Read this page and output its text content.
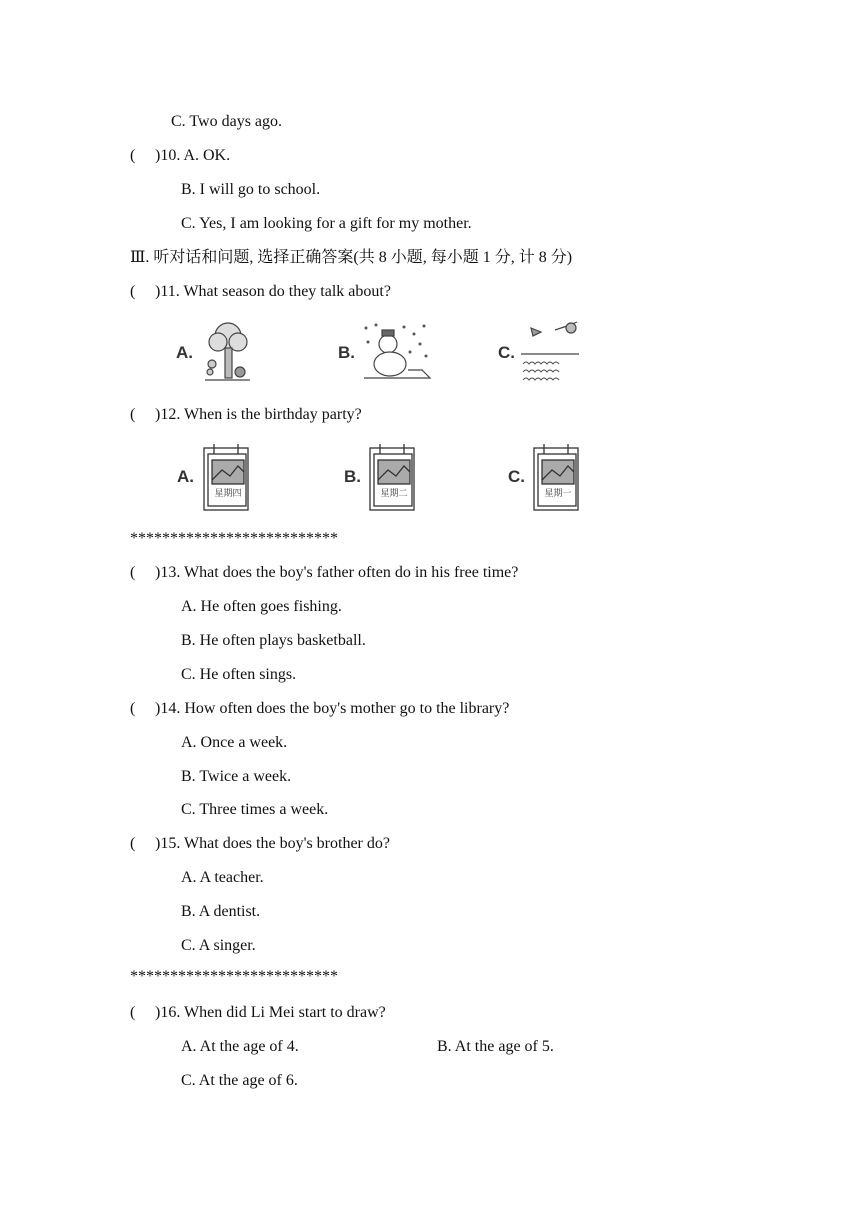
C. Two days ago.
( )10. A. OK.
B. I will go to school.
C. Yes, I am looking for a gift for my mother.
Ⅲ. 听对话和问题, 选择正确答案(共 8 小题, 每小题 1 分, 计 8 分)
( )11. What season do they talk about?
A.	B.	C.
( )12. When is the birthday party?
A.
星期四
B.
星期二
C.
星期一
**************************
( )13. What does the boy's father often do in his free time?
A. He often goes fishing.
B. He often plays basketball.
C. He often sings.
( )14. How often does the boy's mother go to the library?
A. Once a week.
B. Twice a week.
C. Three times a week.
( )15. What does the boy's brother do?
A. A teacher.
B. A dentist.
C. A singer.
**************************
( )16. When did Li Mei start to draw?
A. At the age of 4.	B. At the age of 5.
C. At the age of 6.
